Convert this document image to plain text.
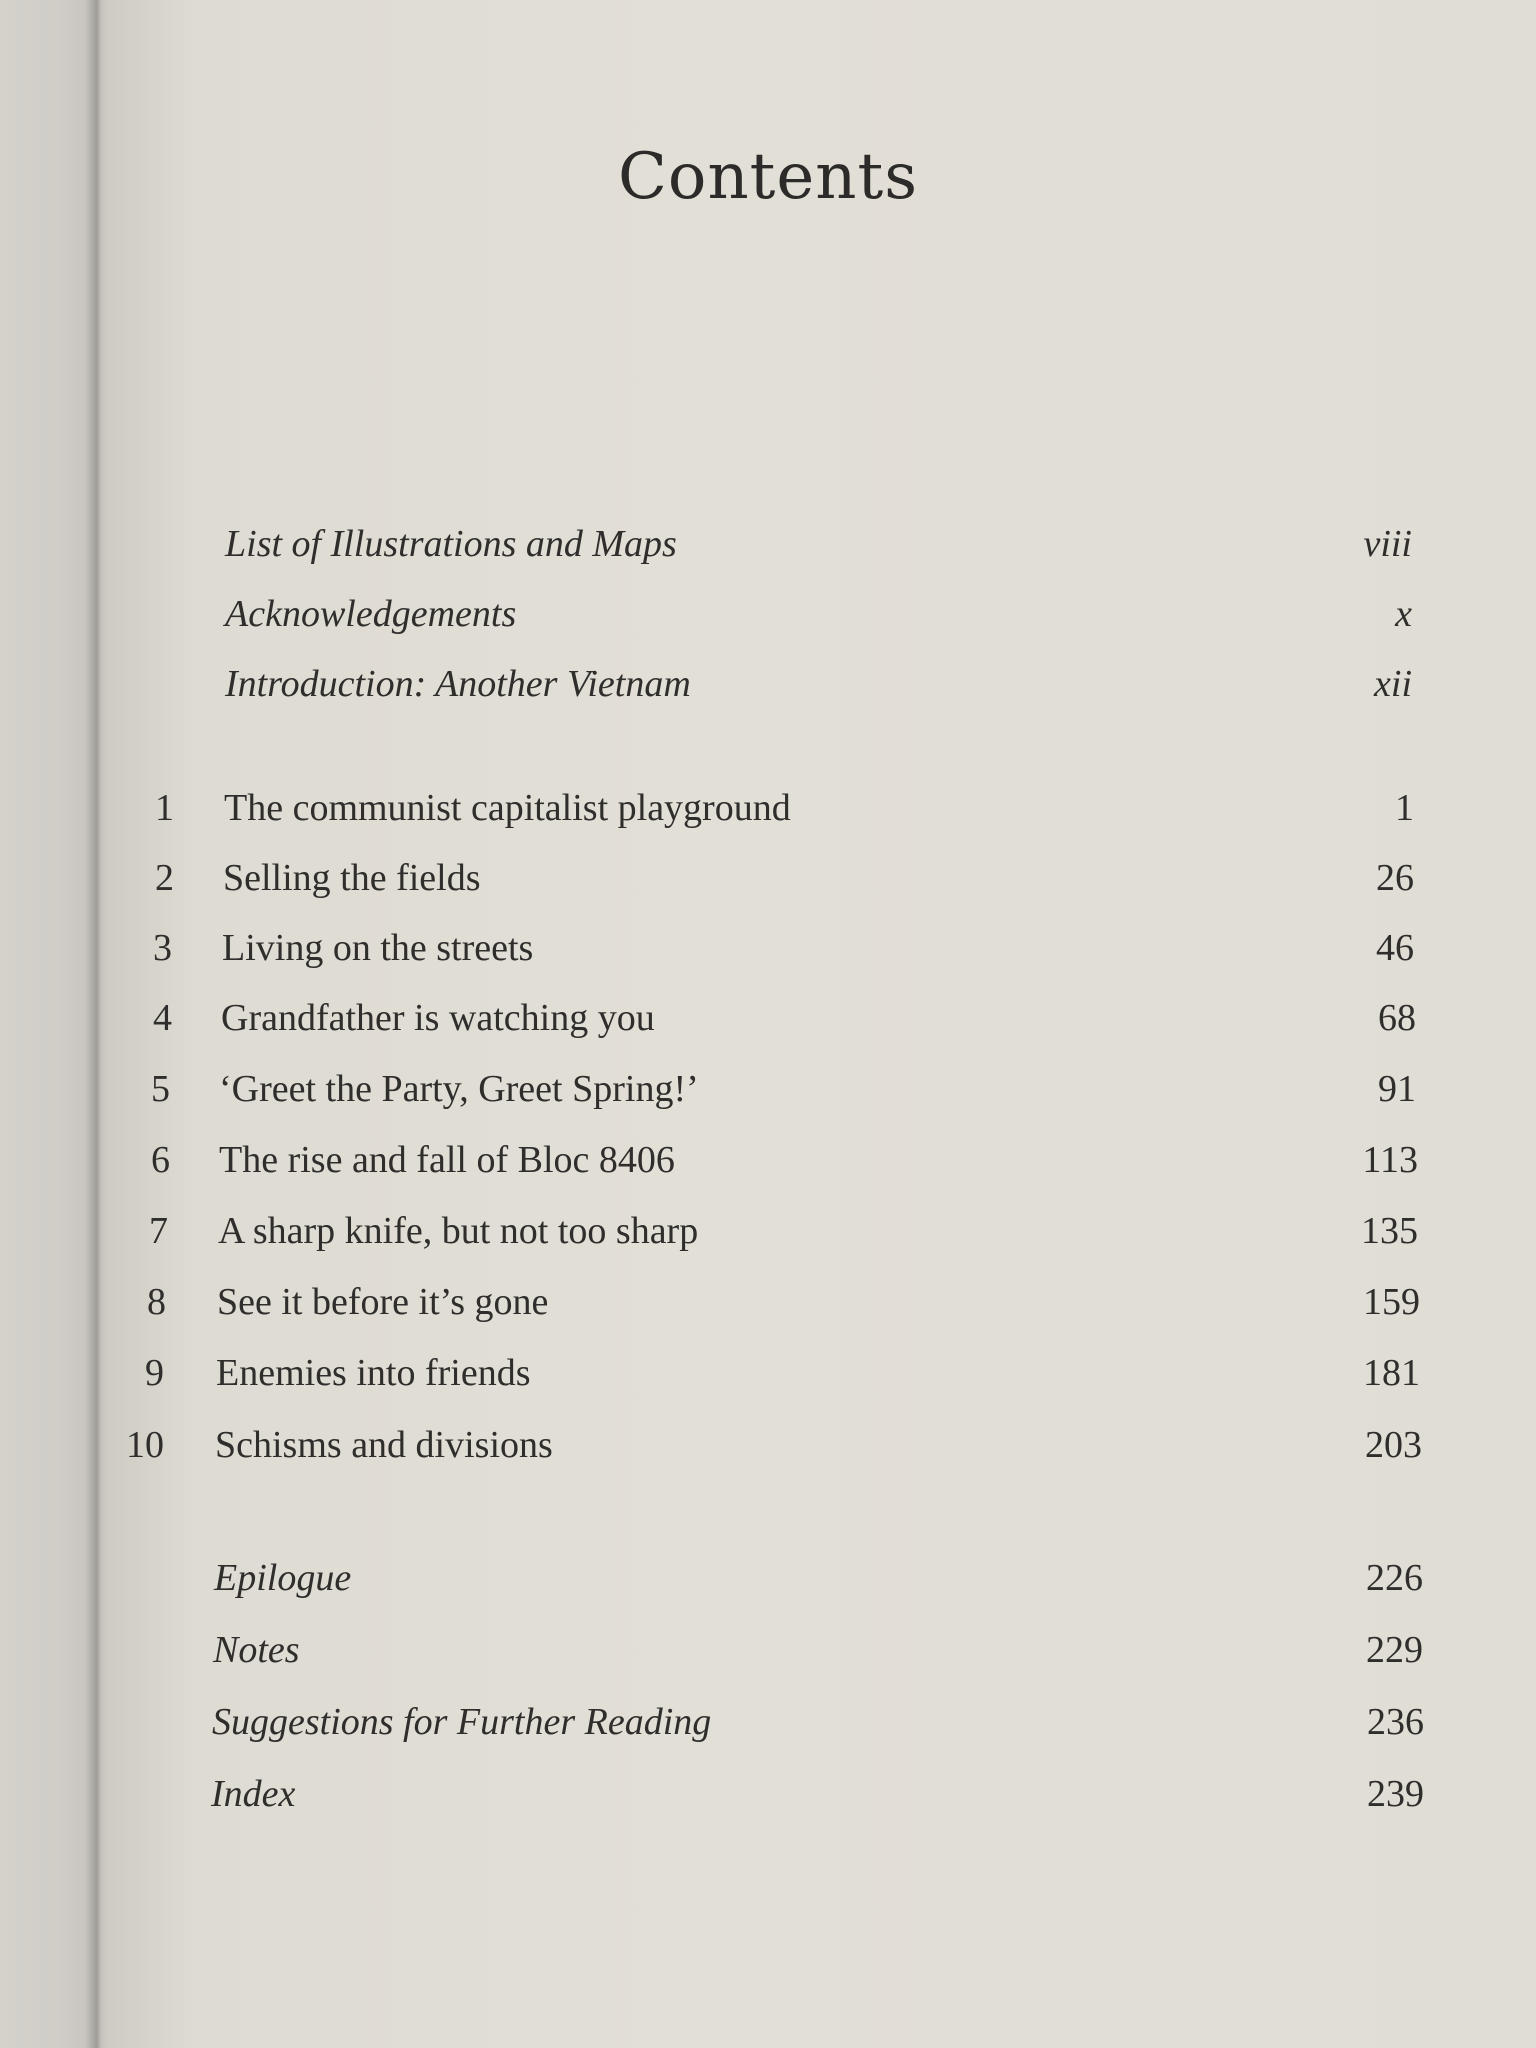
Contents
List of Illustrations and Maps	viii
Acknowledgements	x
Introduction: Another Vietnam	xii
1 The communist capitalist playground	1
2 Selling the fields	26
3 Living on the streets	46
4 Grandfather is watching you	68
5 ‘Greet the Party, Greet Spring!’	91
6 The rise and fall of Bloc 8406	113
7 A sharp knife, but not too sharp	135
8 See it before it’s gone	159
9 Enemies into friends	181
10 Schisms and divisions	203
Epilogue	226
Notes	229
Suggestions for Further Reading	236
Index	239
